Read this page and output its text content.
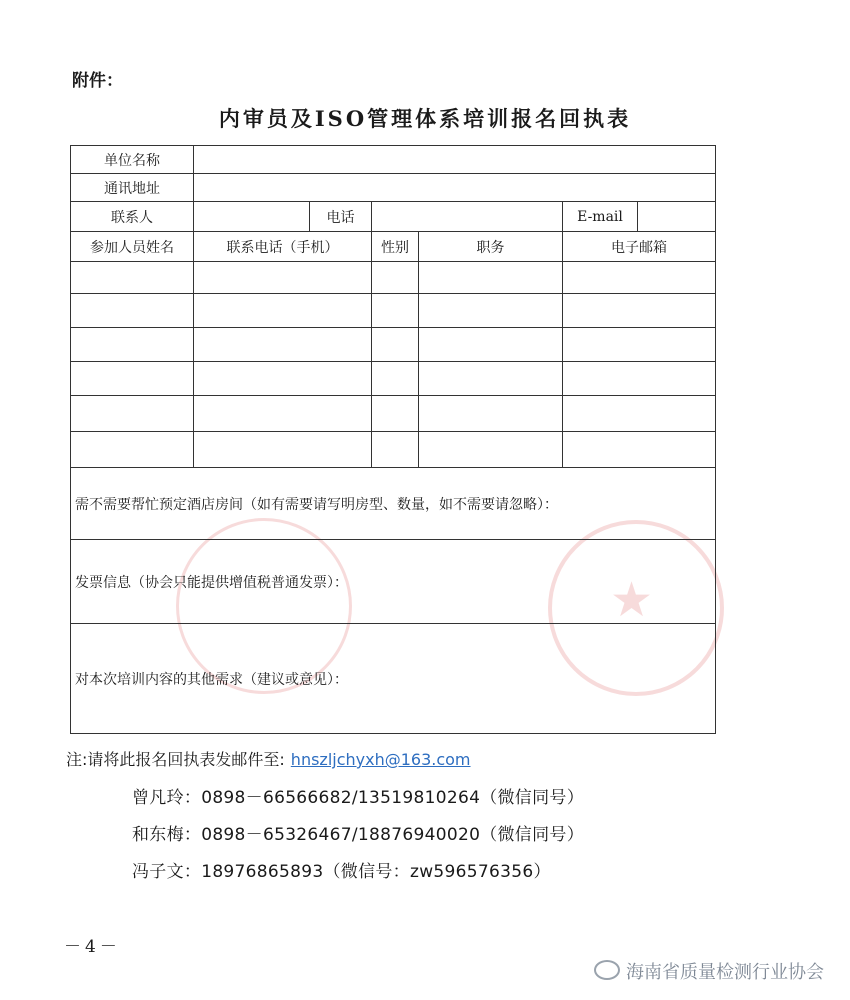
★
附件：
内审员及ISO管理体系培训报名回执表
单位名称						
通讯地址						
联系人		电话			E-mail	
参加人员姓名	联系电话（手机）		性别	职务	电子邮箱	

需不需要帮忙预定酒店房间（如有需要请写明房型、数量，如不需要请忽略）：						
发票信息（协会只能提供增值税普通发票）：						
对本次培训内容的其他需求（建议或意见）：						
注:请将此报名回执表发邮件至: hnszljchyxh@163.com
曾凡玲：0898－66566682/13519810264（微信同号）
和东梅：0898－65326467/18876940020（微信同号）
冯子文：18976865893（微信号：zw596576356）
－4－
海南省质量检测行业协会
